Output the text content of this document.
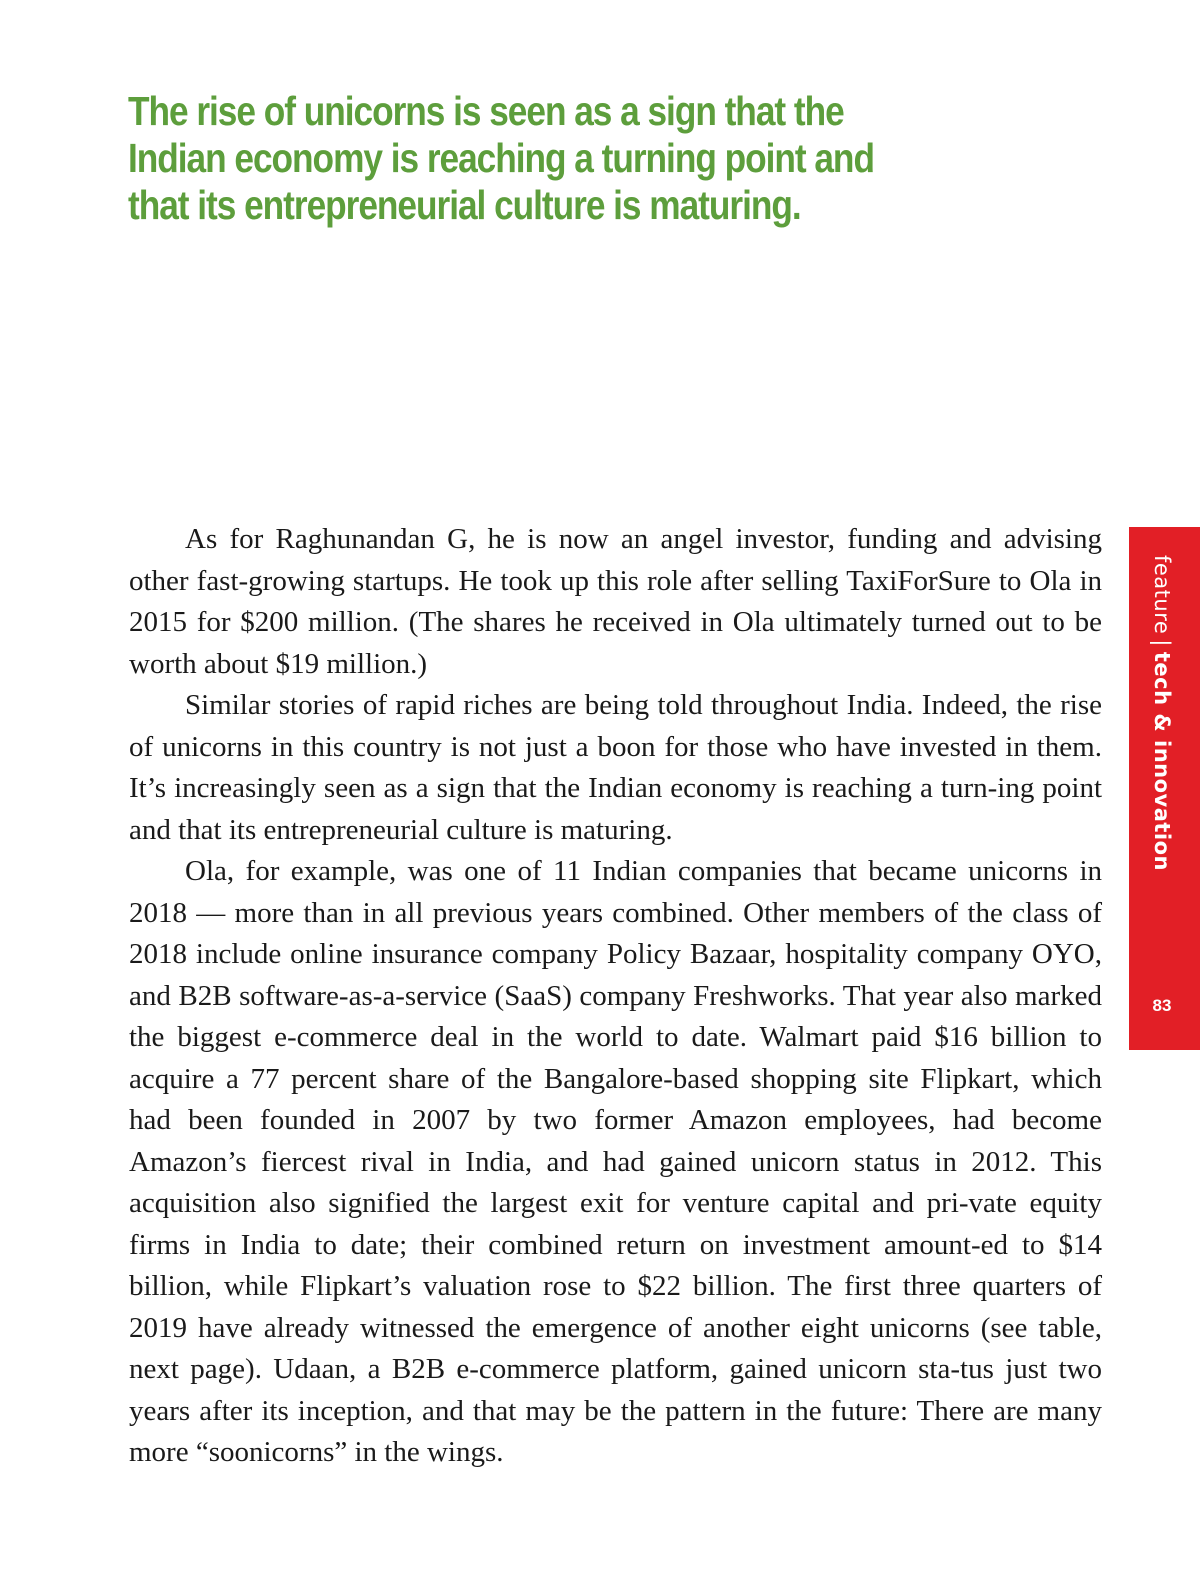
The rise of unicorns is seen as a sign that the
Indian economy is reaching a turning point and
that its entrepreneurial culture is maturing.

As for Raghunandan G, he is now an angel investor, funding and advising other fast-growing startups. He took up this role after selling TaxiForSure to Ola in 2015 for $200 million. (The shares he received in Ola ultimately turned out to be worth about $19 million.)

Similar stories of rapid riches are being told throughout India. Indeed, the rise of unicorns in this country is not just a boon for those who have invested in them. It’s increasingly seen as a sign that the Indian economy is reaching a turn-ing point and that its entrepreneurial culture is maturing.

Ola, for example, was one of 11 Indian companies that became unicorns in 2018 — more than in all previous years combined. Other members of the class of 2018 include online insurance company Policy Bazaar, hospitality company OYO, and B2B software-as-a-service (SaaS) company Freshworks. That year also marked the biggest e-commerce deal in the world to date. Walmart paid $16 billion to acquire a 77 percent share of the Bangalore-based shopping site Flipkart, which had been founded in 2007 by two former Amazon employees, had become Amazon’s fiercest rival in India, and had gained unicorn status in 2012. This acquisition also signified the largest exit for venture capital and pri-vate equity firms in India to date; their combined return on investment amount-ed to $14 billion, while Flipkart’s valuation rose to $22 billion. The first three quarters of 2019 have already witnessed the emergence of another eight unicorns (see table, next page). Udaan, a B2B e-commerce platform, gained unicorn sta-tus just two years after its inception, and that may be the pattern in the future: There are many more “soonicorns” in the wings.

feature|tech & innovation
83
